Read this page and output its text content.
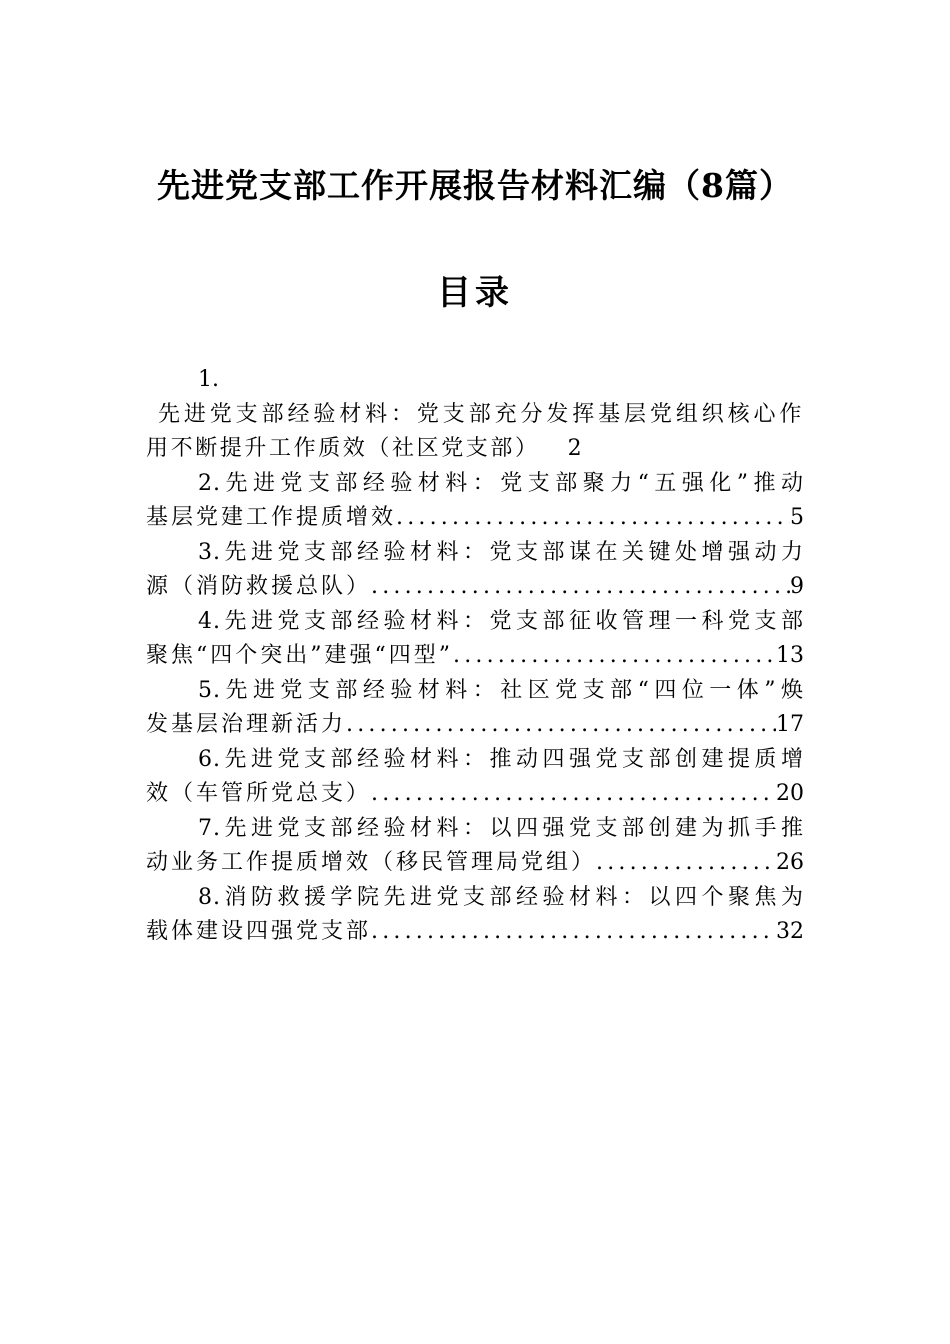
先进党支部工作开展报告材料汇编（8篇）
目录
1.
先进党支部经验材料：党支部充分发挥基层党组织核心作
用不断提升工作质效（社区党支部） 2
2.先进党支部经验材料：党支部聚力“五强化”推动
基层党建工作提质增效 .....	5
3.先进党支部经验材料：党支部谋在关键处增强动力
源（消防救援总队） .....	9
4.先进党支部经验材料：党支部征收管理一科党支部
聚焦“四个突出”建强“四型” .....	13
5.先进党支部经验材料：社区党支部“四位一体”焕
发基层治理新活力 .....	17
6.先进党支部经验材料：推动四强党支部创建提质增
效（车管所党总支） .....	20
7.先进党支部经验材料：以四强党支部创建为抓手推
动业务工作提质增效（移民管理局党组） .....	26
8.消防救援学院先进党支部经验材料：以四个聚焦为
载体建设四强党支部 .....	32
